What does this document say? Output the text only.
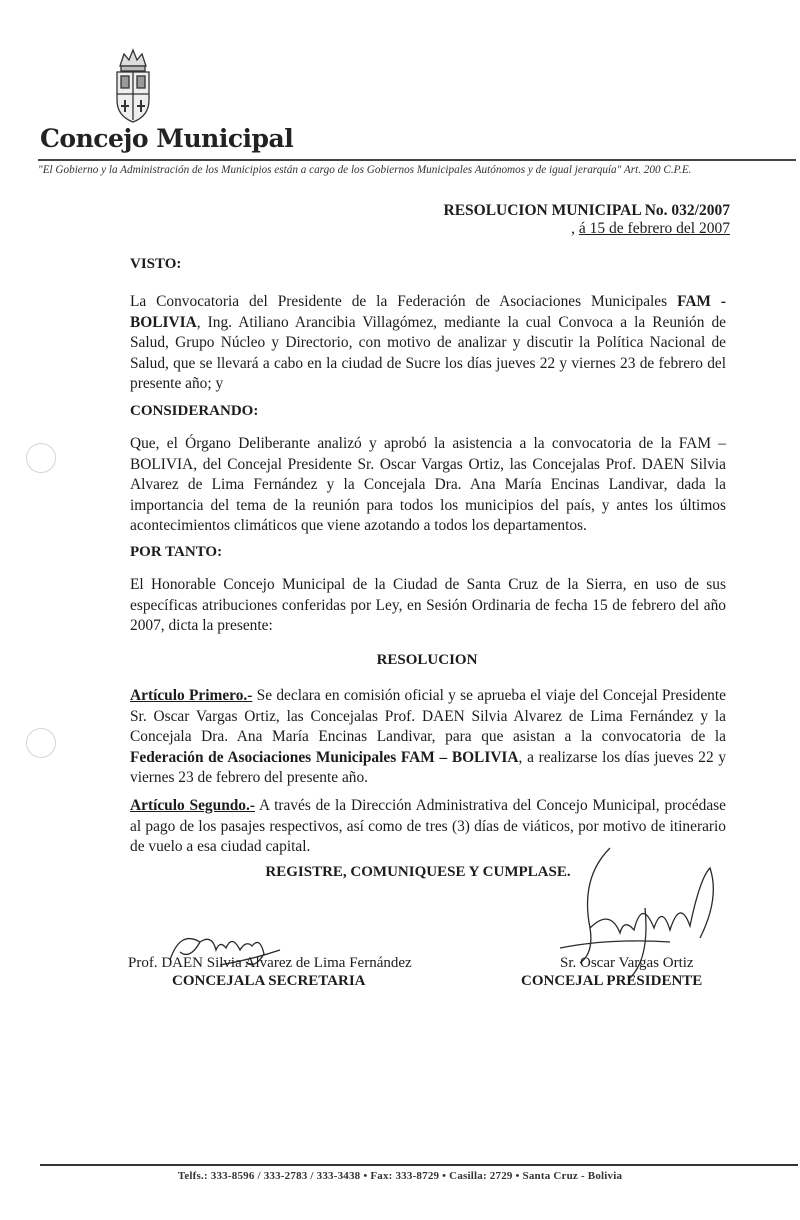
Concejo Municipal
"El Gobierno y la Administración de los Municipios están a cargo de los Gobiernos Municipales Autónomos y de igual jerarquía" Art. 200 C.P.E.
RESOLUCION MUNICIPAL No. 032/2007
, á 15 de febrero del 2007
VISTO:
La Convocatoria del Presidente de la Federación de Asociaciones Municipales FAM - BOLIVIA, Ing. Atiliano Arancibia Villagómez, mediante la cual Convoca a la Reunión de Salud, Grupo Núcleo y Directorio, con motivo de analizar y discutir la Política Nacional de Salud, que se llevará a cabo en la ciudad de Sucre los días jueves 22 y viernes 23 de febrero del presente año; y
CONSIDERANDO:
Que, el Órgano Deliberante analizó y aprobó la asistencia a la convocatoria de la FAM – BOLIVIA, del Concejal Presidente Sr. Oscar Vargas Ortiz, las Concejalas Prof. DAEN Silvia Alvarez de Lima Fernández y la Concejala Dra. Ana María Encinas Landivar, dada la importancia del tema de la reunión para todos los municipios del país, y antes los últimos acontecimientos climáticos que viene azotando a todos los departamentos.
POR TANTO:
El Honorable Concejo Municipal de la Ciudad de Santa Cruz de la Sierra, en uso de sus específicas atribuciones conferidas por Ley, en Sesión Ordinaria de fecha 15 de febrero del año 2007, dicta la presente:
RESOLUCION
Artículo Primero.- Se declara en comisión oficial y se aprueba el viaje del Concejal Presidente Sr. Oscar Vargas Ortiz, las Concejalas Prof. DAEN Silvia Alvarez de Lima Fernández y la Concejala Dra. Ana María Encinas Landivar, para que asistan a la convocatoria de la Federación de Asociaciones Municipales FAM – BOLIVIA, a realizarse los días jueves 22 y viernes 23 de febrero del presente año.
Artículo Segundo.- A través de la Dirección Administrativa del Concejo Municipal, procédase al pago de los pasajes respectivos, así como de tres (3) días de viáticos, por motivo de itinerario de vuelo a esa ciudad capital.
REGISTRE, COMUNIQUESE Y CUMPLASE.
Prof. DAEN Silvia Alvarez de Lima Fernández
CONCEJALA SECRETARIA
Sr. Oscar Vargas Ortiz
CONCEJAL PRESIDENTE
Telfs.: 333-8596 / 333-2783 / 333-3438 • Fax: 333-8729 • Casilla: 2729 • Santa Cruz - Bolivia
